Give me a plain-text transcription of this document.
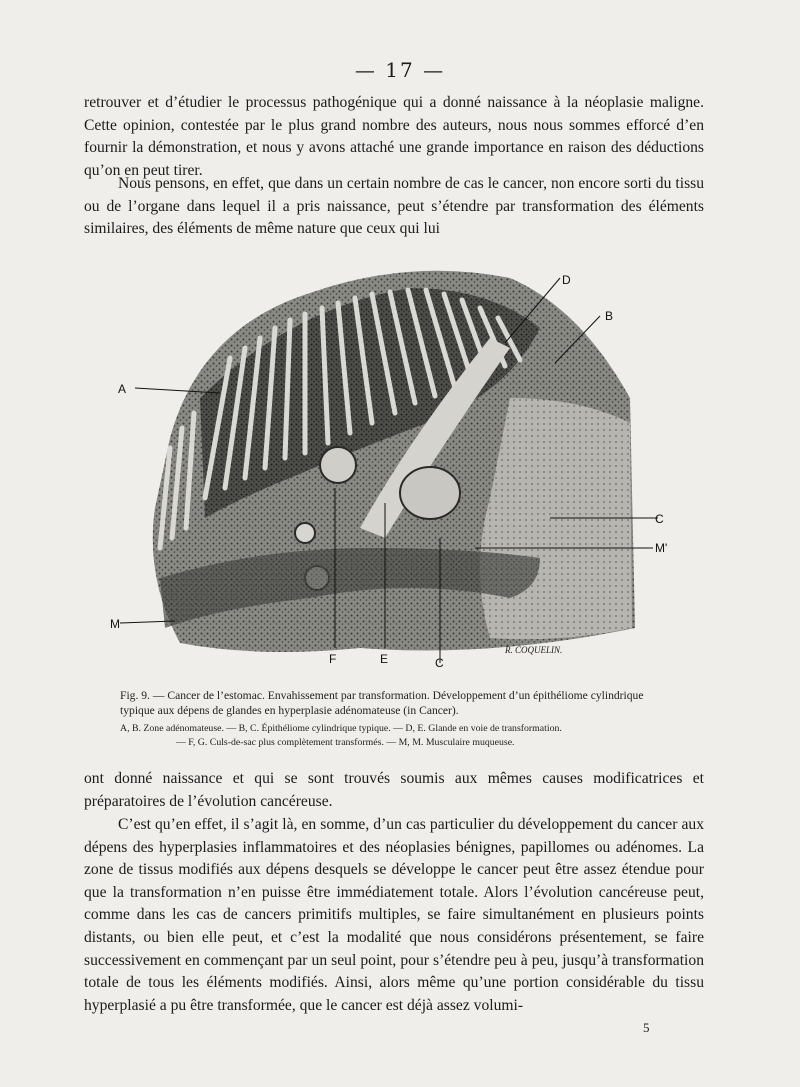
— 17 —

retrouver et d’étudier le processus pathogénique qui a donné naissance à la néoplasie maligne. Cette opinion, contestée par le plus grand nombre des auteurs, nous nous sommes efforcé d’en fournir la démonstration, et nous y avons attaché une grande importance en raison des déductions qu’on en peut tirer.

Nous pensons, en effet, que dans un certain nombre de cas le cancer, non encore sorti du tissu ou de l’organe dans lequel il a pris naissance, peut s’étendre par transformation des éléments similaires, des éléments de même nature que ceux qui lui

A
D
B
C
M'
M
F	E	C
R. COQUELIN.
Fig. 9. — Cancer de l’estomac. Envahissement par transformation. Développement d’un épithéliome cylindrique typique aux dépens de glandes en hyperplasie adénomateuse (in Cancer).
A, B. Zone adénomateuse. — B, C. Épithéliome cylindrique typique. — D, E. Glande en voie de transformation.
— F, G. Culs-de-sac plus complètement transformés. — M, M. Musculaire muqueuse.

ont donné naissance et qui se sont trouvés soumis aux mêmes causes modificatrices et préparatoires de l’évolution cancéreuse.

C’est qu’en effet, il s’agit là, en somme, d’un cas particulier du développement du cancer aux dépens des hyperplasies inflammatoires et des néoplasies bénignes, papillomes ou adénomes. La zone de tissus modifiés aux dépens desquels se développe le cancer peut être assez étendue pour que la transformation n’en puisse être immédiatement totale. Alors l’évolution cancéreuse peut, comme dans les cas de cancers primitifs multiples, se faire simultanément en plusieurs points distants, ou bien elle peut, et c’est la modalité que nous considérons présentement, se faire successivement en commençant par un seul point, pour s’étendre peu à peu, jusqu’à transformation totale de tous les éléments modifiés. Ainsi, alors même qu’une portion considérable du tissu hyperplasié a pu être transformée, que le cancer est déjà assez volumi-

5
